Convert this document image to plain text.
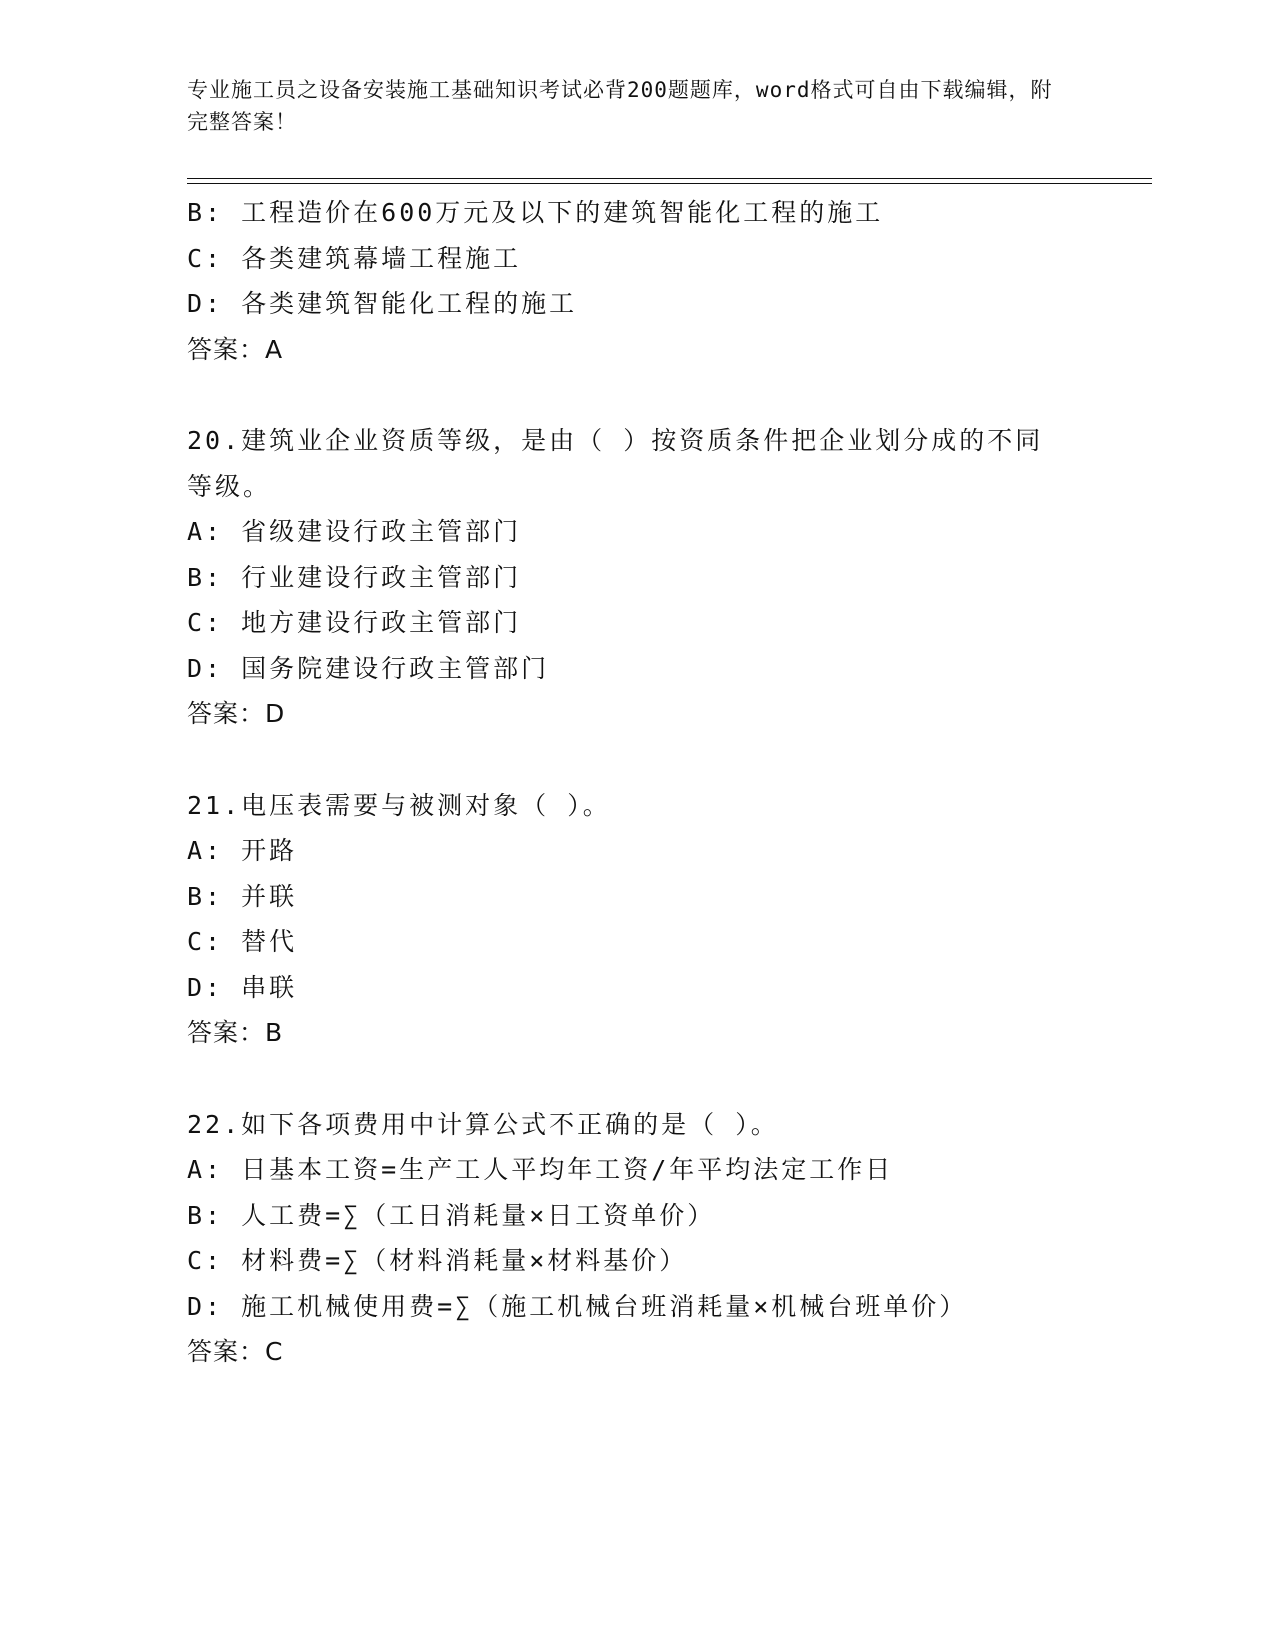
专业施工员之设备安装施工基础知识考试必背200题题库，word格式可自由下载编辑，附完整答案！
B: 工程造价在600万元及以下的建筑智能化工程的施工
C: 各类建筑幕墙工程施工
D: 各类建筑智能化工程的施工
答案：A
20.建筑业企业资质等级，是由（ ）按资质条件把企业划分成的不同等级。
A: 省级建设行政主管部门
B: 行业建设行政主管部门
C: 地方建设行政主管部门
D: 国务院建设行政主管部门
答案：D
21.电压表需要与被测对象（ ）。
A: 开路
B: 并联
C: 替代
D: 串联
答案：B
22.如下各项费用中计算公式不正确的是（ ）。
A: 日基本工资=生产工人平均年工资/年平均法定工作日
B: 人工费=∑（工日消耗量×日工资单价）
C: 材料费=∑（材料消耗量×材料基价）
D: 施工机械使用费=∑（施工机械台班消耗量×机械台班单价）
答案：C
